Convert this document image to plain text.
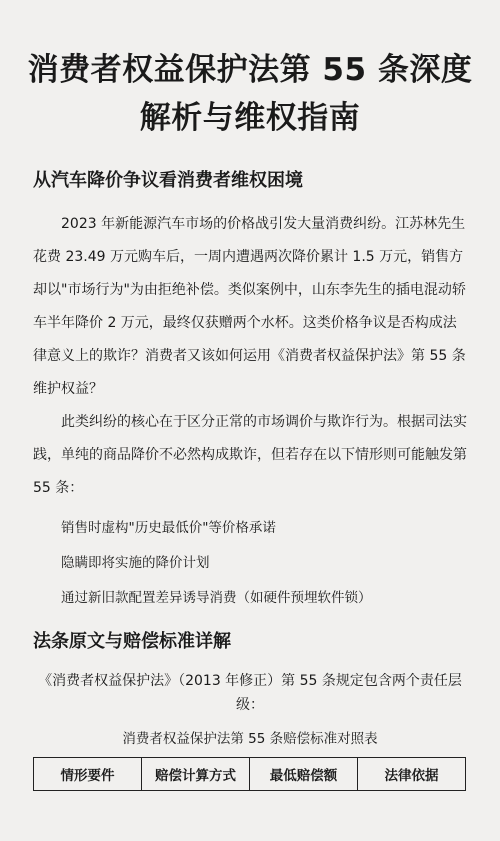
消费者权益保护法第 55 条深度解析与维权指南
从汽车降价争议看消费者维权困境

2023 年新能源汽车市场的价格战引发大量消费纠纷。江苏林先生花费 23.49 万元购车后，一周内遭遇两次降价累计 1.5 万元，销售方却以"市场行为"为由拒绝补偿。类似案例中，山东李先生的插电混动轿车半年降价 2 万元，最终仅获赠两个水杯。这类价格争议是否构成法律意义上的欺诈？消费者又该如何运用《消费者权益保护法》第 55 条维护权益？

此类纠纷的核心在于区分正常的市场调价与欺诈行为。根据司法实践，单纯的商品降价不必然构成欺诈，但若存在以下情形则可能触发第 55 条：

销售时虚构"历史最低价"等价格承诺
隐瞒即将实施的降价计划
通过新旧款配置差异诱导消费（如硬件预埋软件锁）
法条原文与赔偿标准详解

《消费者权益保护法》（2013 年修正）第 55 条规定包含两个责任层级：

消费者权益保护法第 55 条赔偿标准对照表

情形要件	赔偿计算方式	最低赔偿额	法律依据
